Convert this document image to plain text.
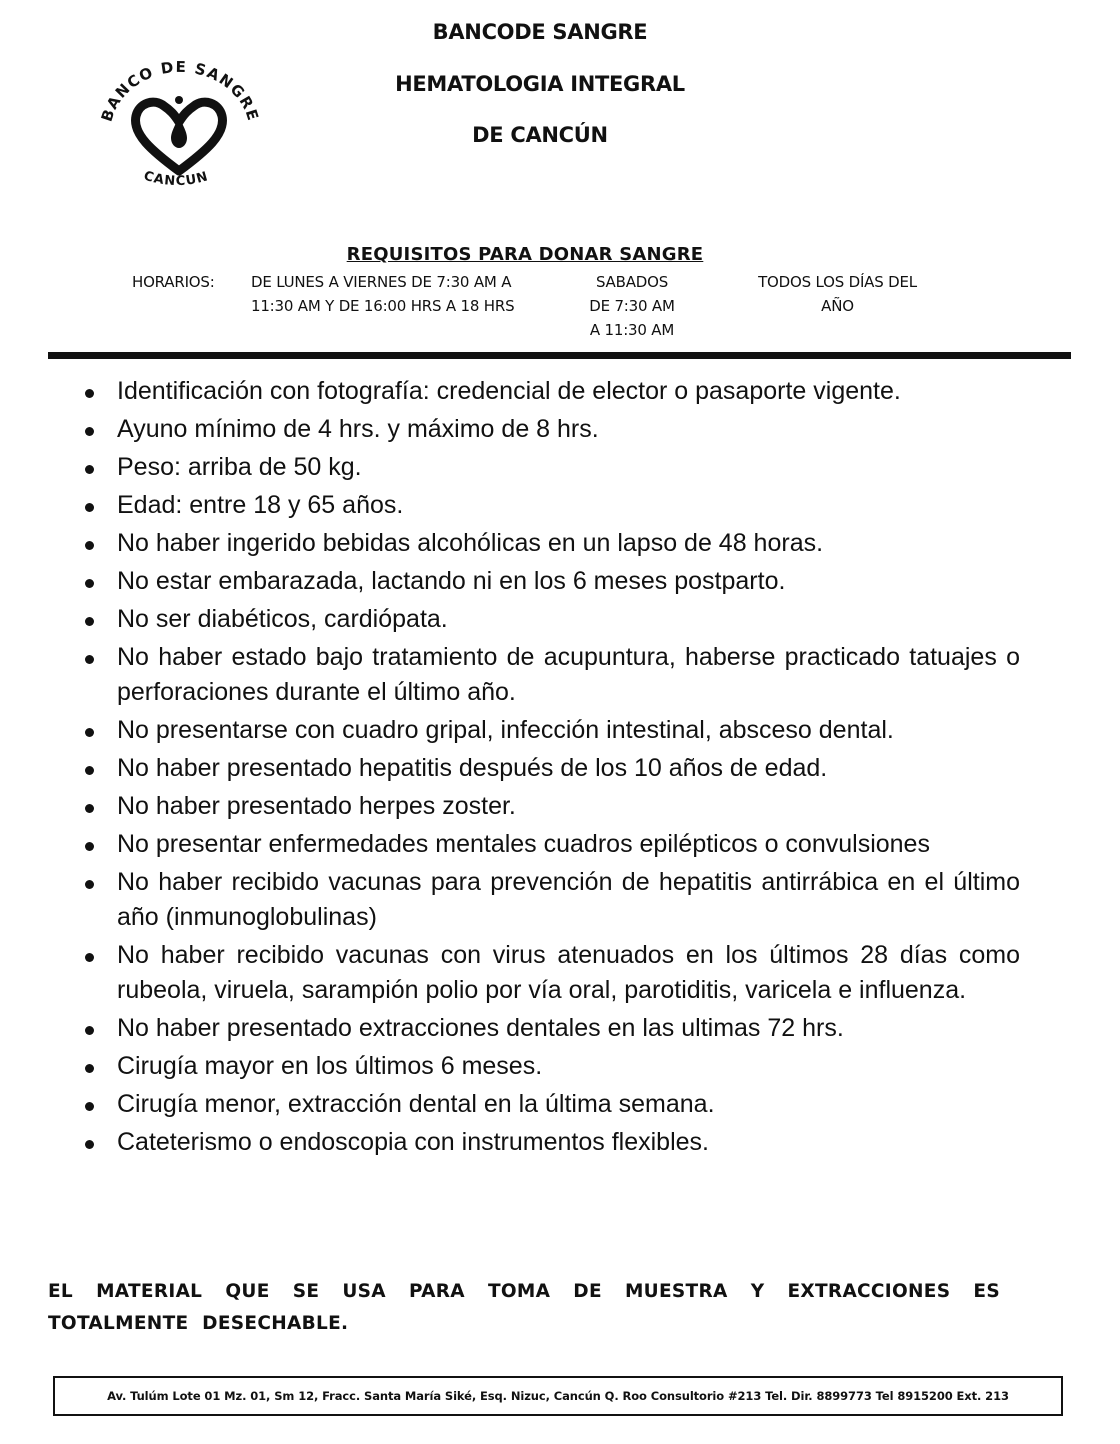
BANCO DE SANGRE
CANCUN
BANCODE SANGRE
HEMATOLOGIA INTEGRAL
DE CANCÚN
REQUISITOS PARA DONAR SANGRE
HORARIOS: DE LUNES A VIERNES DE 7:30 AM A
11:30 AM Y DE 16:00 HRS A 18 HRS
SABADOS
DE 7:30 AM
A 11:30 AM
TODOS LOS DÍAS DEL
AÑO
Identificación con fotografía: credencial de elector o pasaporte vigente.
Ayuno mínimo de 4 hrs. y máximo de 8 hrs.
Peso: arriba de 50 kg.
Edad: entre 18 y 65 años.
No haber ingerido bebidas alcohólicas en un lapso de 48 horas.
No estar embarazada, lactando ni en los 6 meses postparto.
No ser diabéticos, cardiópata.
No haber estado bajo tratamiento de acupuntura, haberse practicado tatuajes o perforaciones durante el último año.
No presentarse con cuadro gripal, infección intestinal, absceso dental.
No haber presentado hepatitis después de los 10 años de edad.
No haber presentado herpes zoster.
No presentar enfermedades mentales cuadros epilépticos o convulsiones
No haber recibido vacunas para prevención de hepatitis antirrábica en el último año (inmunoglobulinas)
No haber recibido vacunas con virus atenuados en los últimos 28 días como rubeola, viruela, sarampión polio por vía oral, parotiditis, varicela e influenza.
No haber presentado extracciones dentales en las ultimas 72 hrs.
Cirugía mayor en los últimos 6 meses.
Cirugía menor, extracción dental en la última semana.
Cateterismo o endoscopia con instrumentos flexibles.
EL MATERIAL QUE SE USA PARA TOMA DE MUESTRA Y EXTRACCIONES ES TOTALMENTE DESECHABLE.
Av. Tulúm Lote 01 Mz. 01, Sm 12, Fracc. Santa María Siké, Esq. Nizuc, Cancún Q. Roo Consultorio #213 Tel. Dir. 8899773 Tel 8915200 Ext. 213
